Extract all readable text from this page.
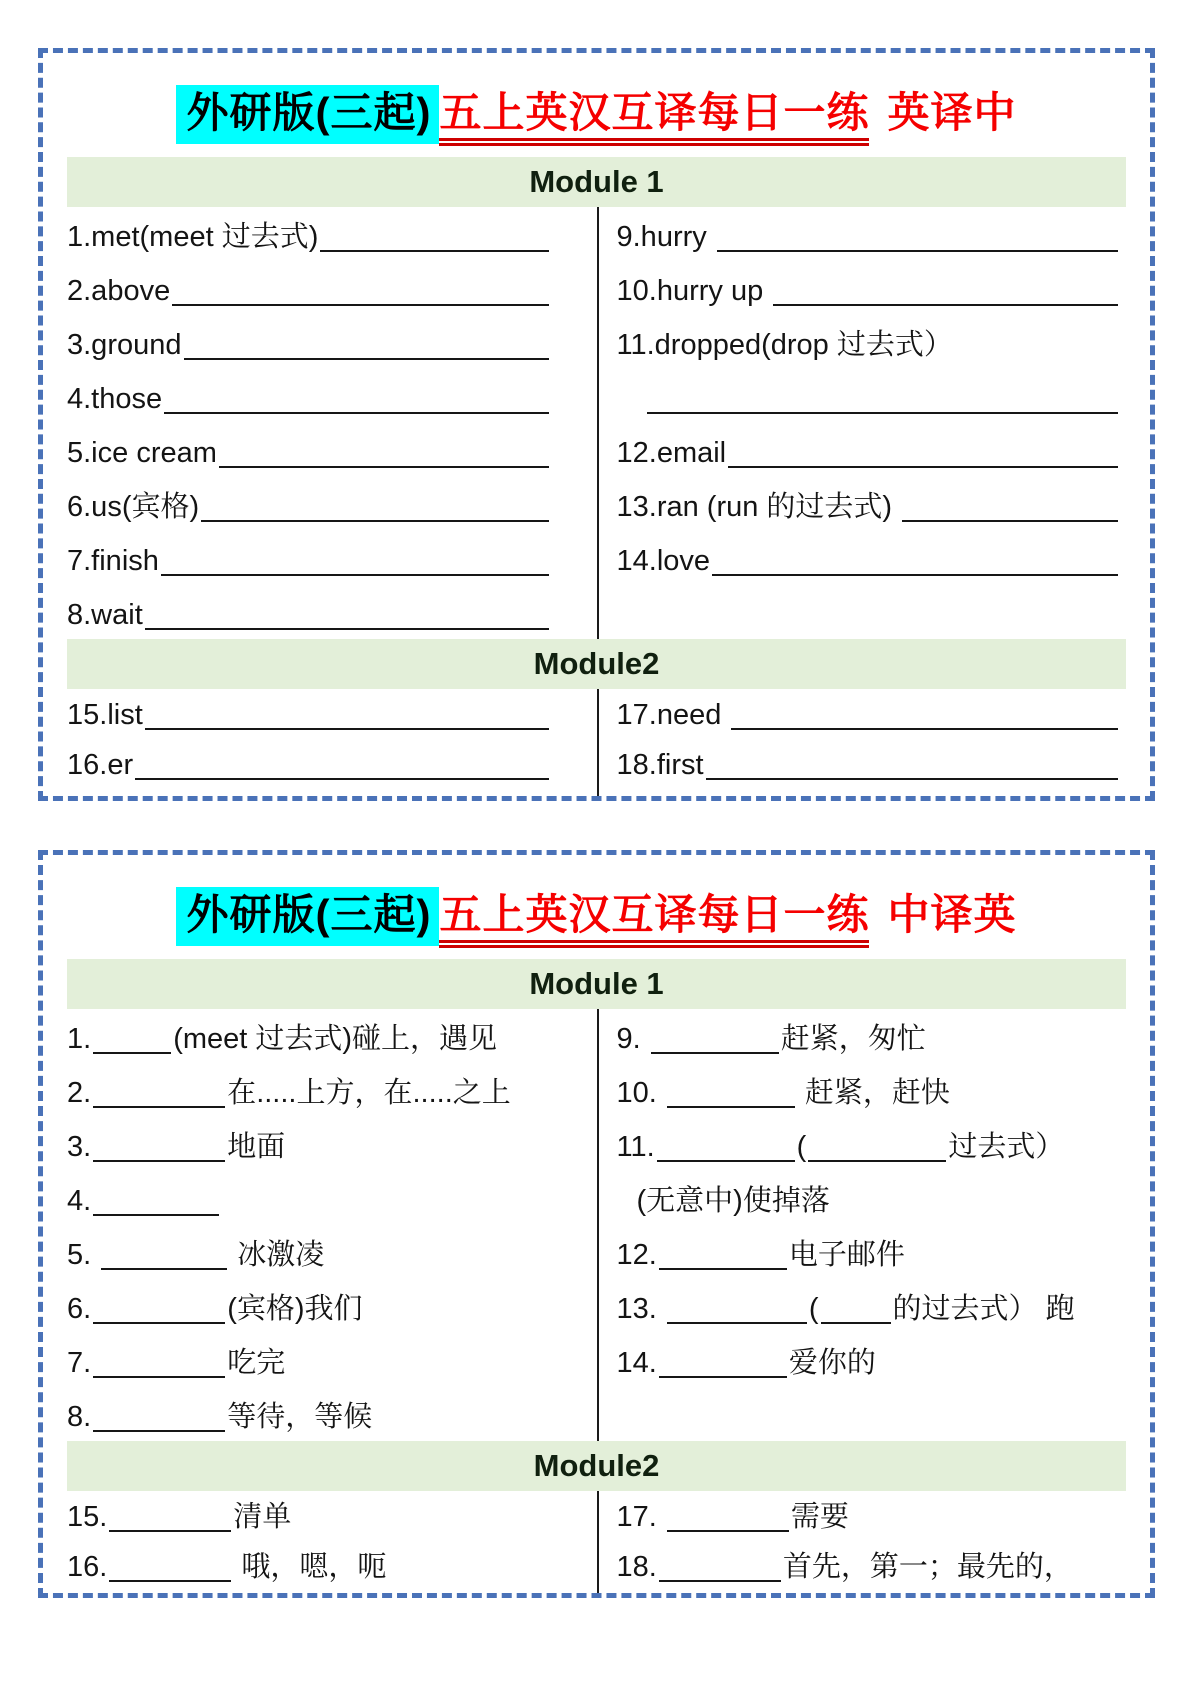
外研版(三起) 五上英汉互译每日一练 英译中
Module 1
1.met(meet 过去式)
2.above
3.ground
4.those
5.ice cream
6.us(宾格)
7.finish
8.wait
9.hurry
10.hurry up
11.dropped(drop 过去式）
12.email
13.ran (run 的过去式)
14.love
Module2
15.list
16.er
17.need
18.first
外研版(三起) 五上英汉互译每日一练 中译英
Module 1
1.	(meet 过去式)碰上，遇见
2.	在.....上方，在.....之上
3.	地面
4.
5.	冰激凌
6.	(宾格)我们
7.	吃完
8.	等待，等候
9.	赶紧，匆忙
10.	赶紧，赶快
11.	(	过去式）
(无意中)使掉落
12.	电子邮件
13.	(	的过去式） 跑
14.	爱你的
Module2
15.	清单
16.	哦，嗯，呃
17.	需要
18.	首先，第一；最先的，
